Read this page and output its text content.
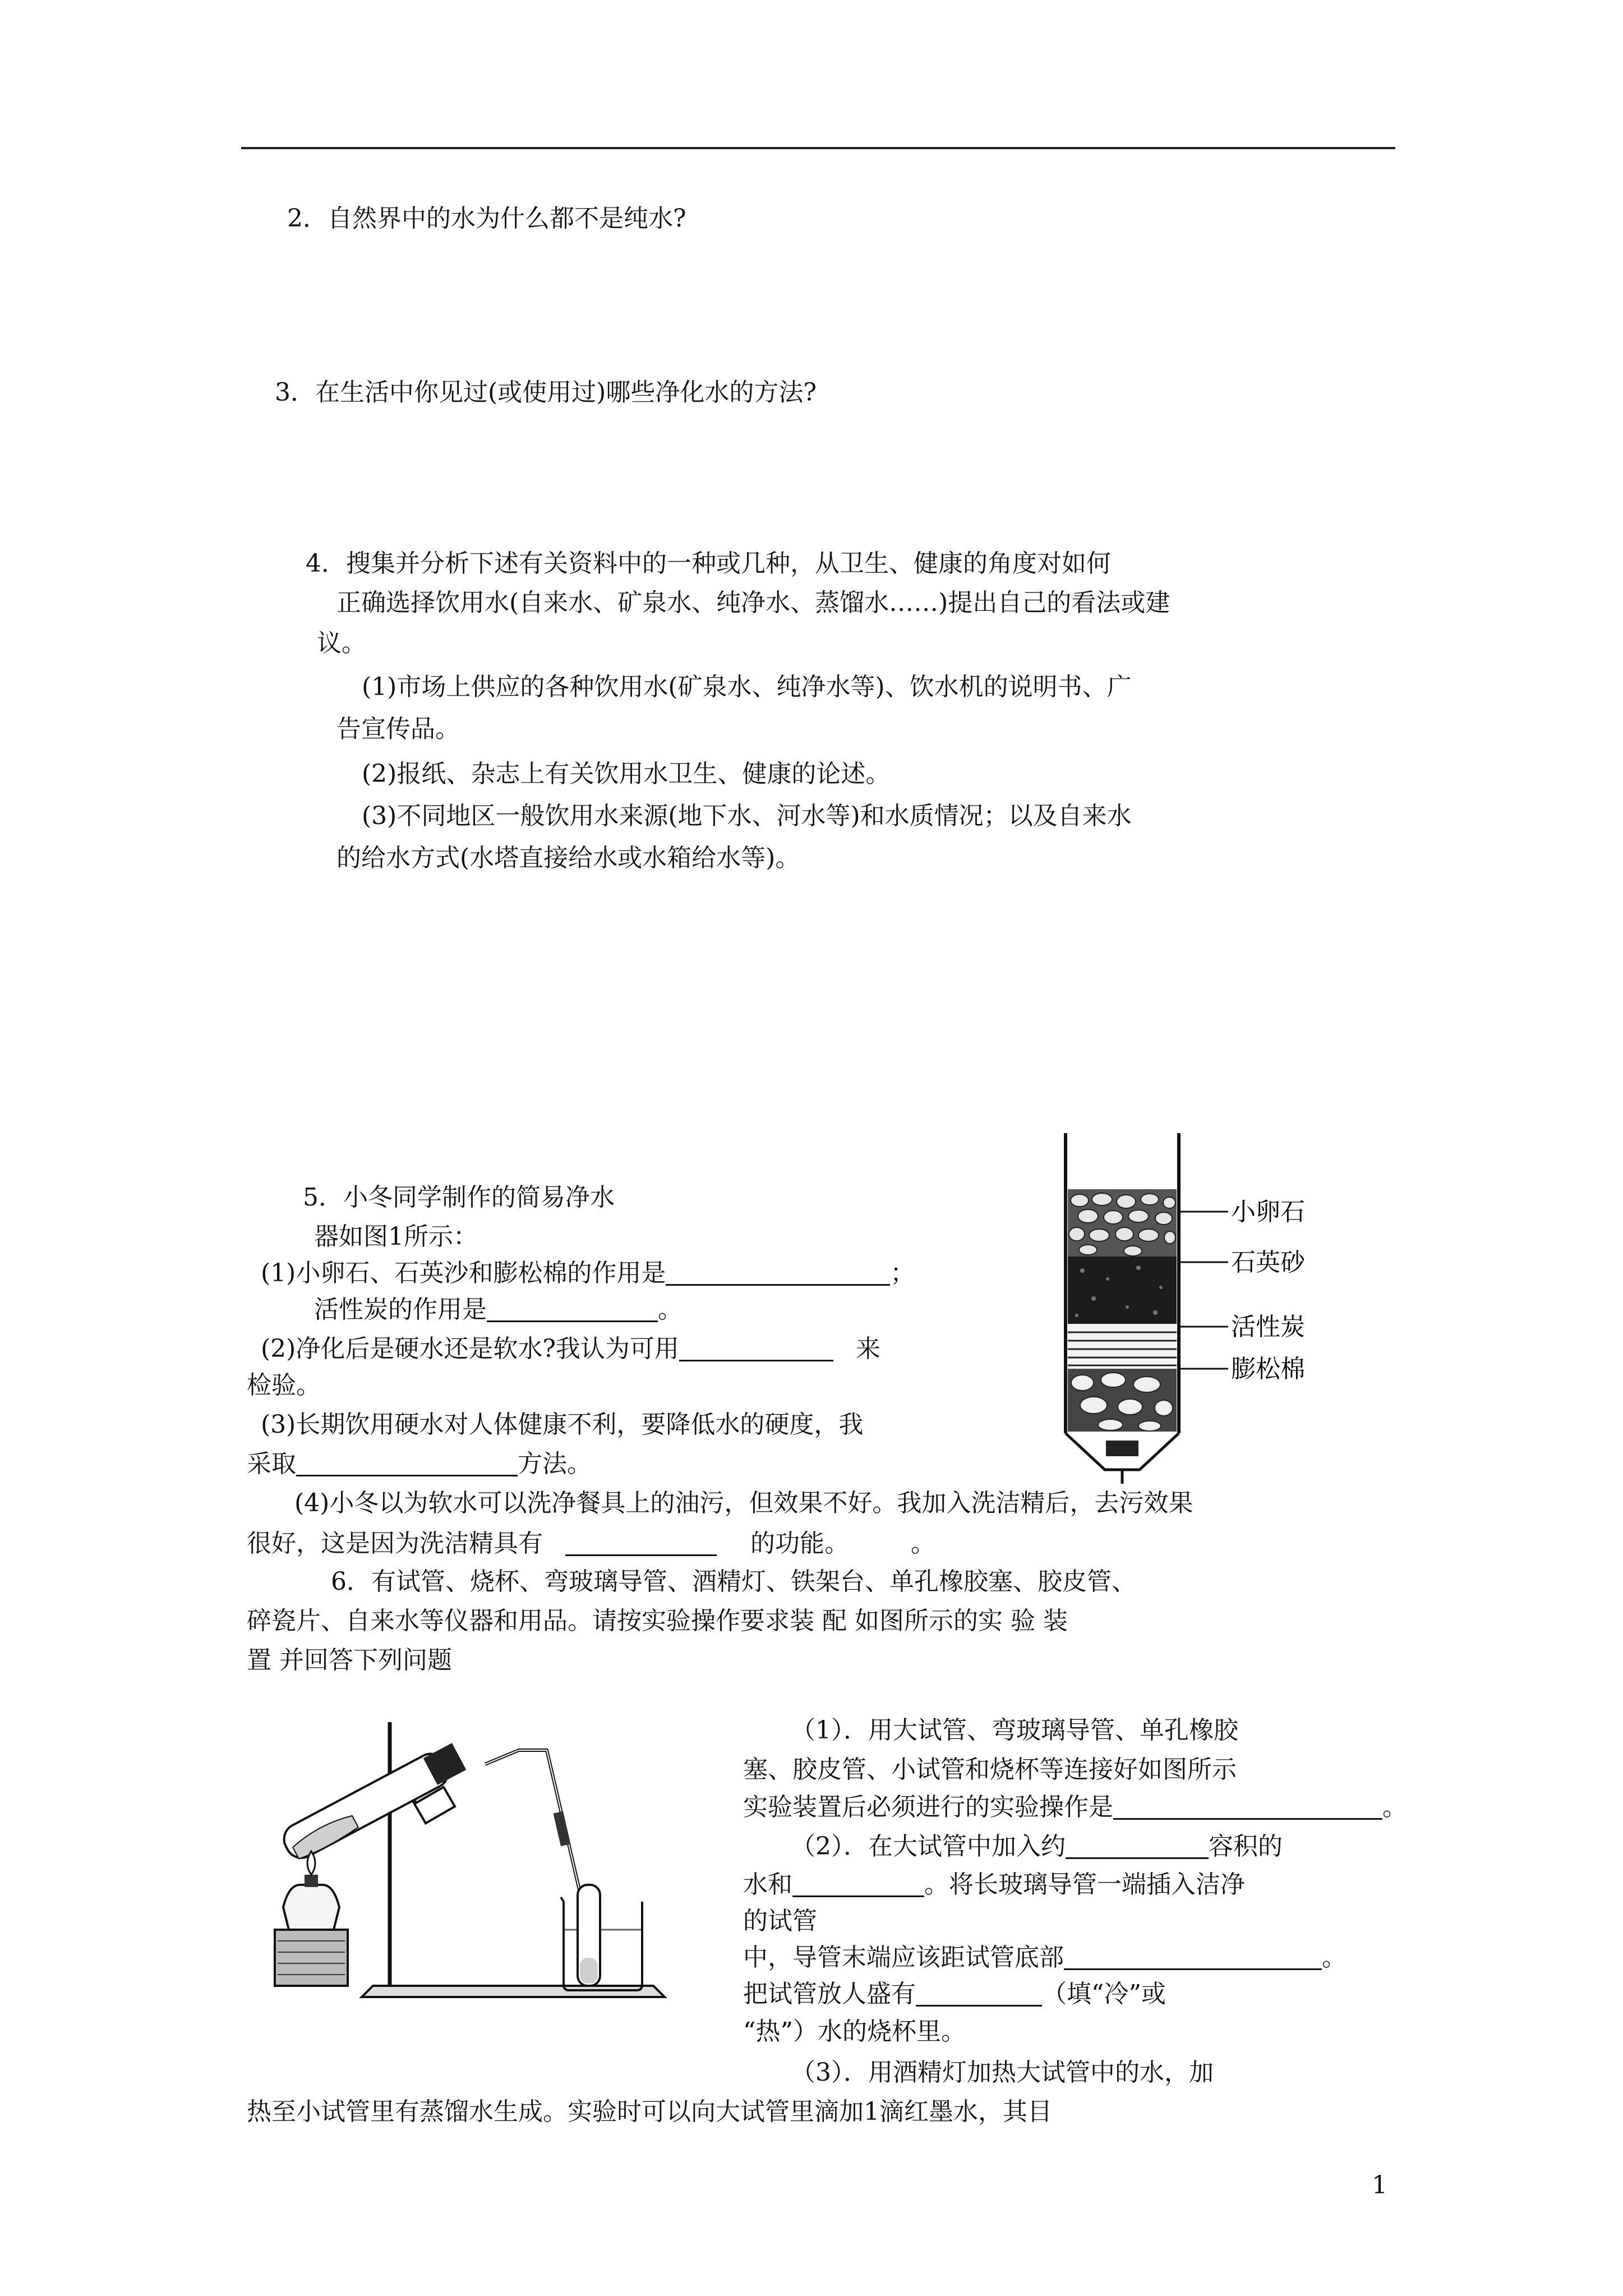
2．自然界中的水为什么都不是纯水?
3．在生活中你见过(或使用过)哪些净化水的方法?
4．搜集并分析下述有关资料中的一种或几种，从卫生、健康的角度对如何
正确选择饮用水(自来水、矿泉水、纯净水、蒸馏水……)提出自己的看法或建
议。
(1)市场上供应的各种饮用水(矿泉水、纯净水等)、饮水机的说明书、广
告宣传品。
(2)报纸、杂志上有关饮用水卫生、健康的论述。
(3)不同地区一般饮用水来源(地下水、河水等)和水质情况；以及自来水
的给水方式(水塔直接给水或水箱给水等)。
5．小冬同学制作的简易净水
器如图1所示：
(1)小卵石、石英沙和膨松棉的作用是	；
活性炭的作用是	。
(2)净化后是硬水还是软水?我认为可用	来
检验。
(3)长期饮用硬水对人体健康不利，要降低水的硬度，我
采取	方法。
(4)小冬以为软水可以洗净餐具上的油污，但效果不好。我加入洗洁精后，去污效果
很好，这是因为洗洁精具有	的功能。	。
小卵石
石英砂
活性炭
膨松棉
6．有试管、烧杯、弯玻璃导管、酒精灯、铁架台、单孔橡胶塞、胶皮管、
碎瓷片、自来水等仪器和用品。请按实验操作要求装 配 如图所示的实 验 装
置 并回答下列问题
（1）．用大试管、弯玻璃导管、单孔橡胶
塞、胶皮管、小试管和烧杯等连接好如图所示
实验装置后必须进行的实验操作是	。
（2）．在大试管中加入约	容积的
水和	。将长玻璃导管一端插入洁净
的试管
中，导管末端应该距试管底部	。
把试管放人盛有	（填“冷”或
“热”）水的烧杯里。
（3）．用酒精灯加热大试管中的水，加
热至小试管里有蒸馏水生成。实验时可以向大试管里滴加1滴红墨水，其目
1
